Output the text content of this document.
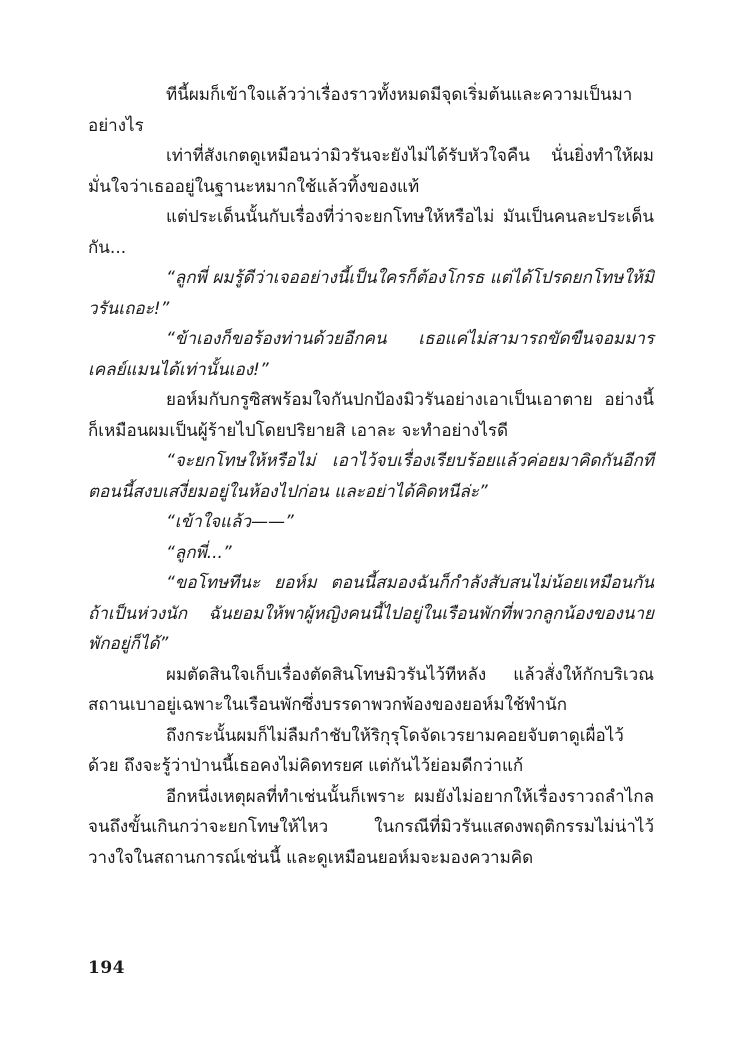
ทีนี้ผมก็เข้าใจแล้วว่าเรื่องราวทั้งหมดมีจุดเริ่มต้นและความเป็นมาอย่างไร

เท่าที่สังเกตดูเหมือนว่ามิวรันจะยังไม่ได้รับหัวใจคืน นั่นยิ่งทำให้ผมมั่นใจว่าเธออยู่ในฐานะหมากใช้แล้วทิ้งของแท้

แต่ประเด็นนั้นกับเรื่องที่ว่าจะยกโทษให้หรือไม่ มันเป็นคนละประเด็นกัน...

“ลูกพี่ ผมรู้ดีว่าเจออย่างนี้เป็นใครก็ต้องโกรธ แต่ได้โปรดยกโทษให้มิวรันเถอะ!”

“ข้าเองก็ขอร้องท่านด้วยอีกคน เธอแค่ไม่สามารถขัดขืนจอมมารเคลย์แมนได้เท่านั้นเอง!”

ยอห์มกับกรูซิสพร้อมใจกันปกป้องมิวรันอย่างเอาเป็นเอาตาย อย่างนี้ก็เหมือนผมเป็นผู้ร้ายไปโดยปริยายสิ เอาละ จะทำอย่างไรดี

“จะยกโทษให้หรือไม่ เอาไว้จบเรื่องเรียบร้อยแล้วค่อยมาคิดกันอีกที ตอนนี้สงบเสงี่ยมอยู่ในห้องไปก่อน และอย่าได้คิดหนีล่ะ”

“เข้าใจแล้ว——”

“ลูกพี่...”

“ขอโทษทีนะ ยอห์ม ตอนนี้สมองฉันก็กำลังสับสนไม่น้อยเหมือนกัน ถ้าเป็นห่วงนัก ฉันยอมให้พาผู้หญิงคนนี้ไปอยู่ในเรือนพักที่พวกลูกน้องของนายพักอยู่ก็ได้”

ผมตัดสินใจเก็บเรื่องตัดสินโทษมิวรันไว้ทีหลัง แล้วสั่งให้กักบริเวณสถานเบาอยู่เฉพาะในเรือนพักซึ่งบรรดาพวกพ้องของยอห์มใช้พำนัก

ถึงกระนั้นผมก็ไม่ลืมกำชับให้ริกุรุโดจัดเวรยามคอยจับตาดูเผื่อไว้ด้วย ถึงจะรู้ว่าป่านนี้เธอคงไม่คิดทรยศ แต่กันไว้ย่อมดีกว่าแก้

อีกหนึ่งเหตุผลที่ทำเช่นนั้นก็เพราะ ผมยังไม่อยากให้เรื่องราวถลำไกลจนถึงขั้นเกินกว่าจะยกโทษให้ไหว ในกรณีที่มิวรันแสดงพฤติกรรมไม่น่าไว้วางใจในสถานการณ์เช่นนี้ และดูเหมือนยอห์มจะมองความคิด

194
